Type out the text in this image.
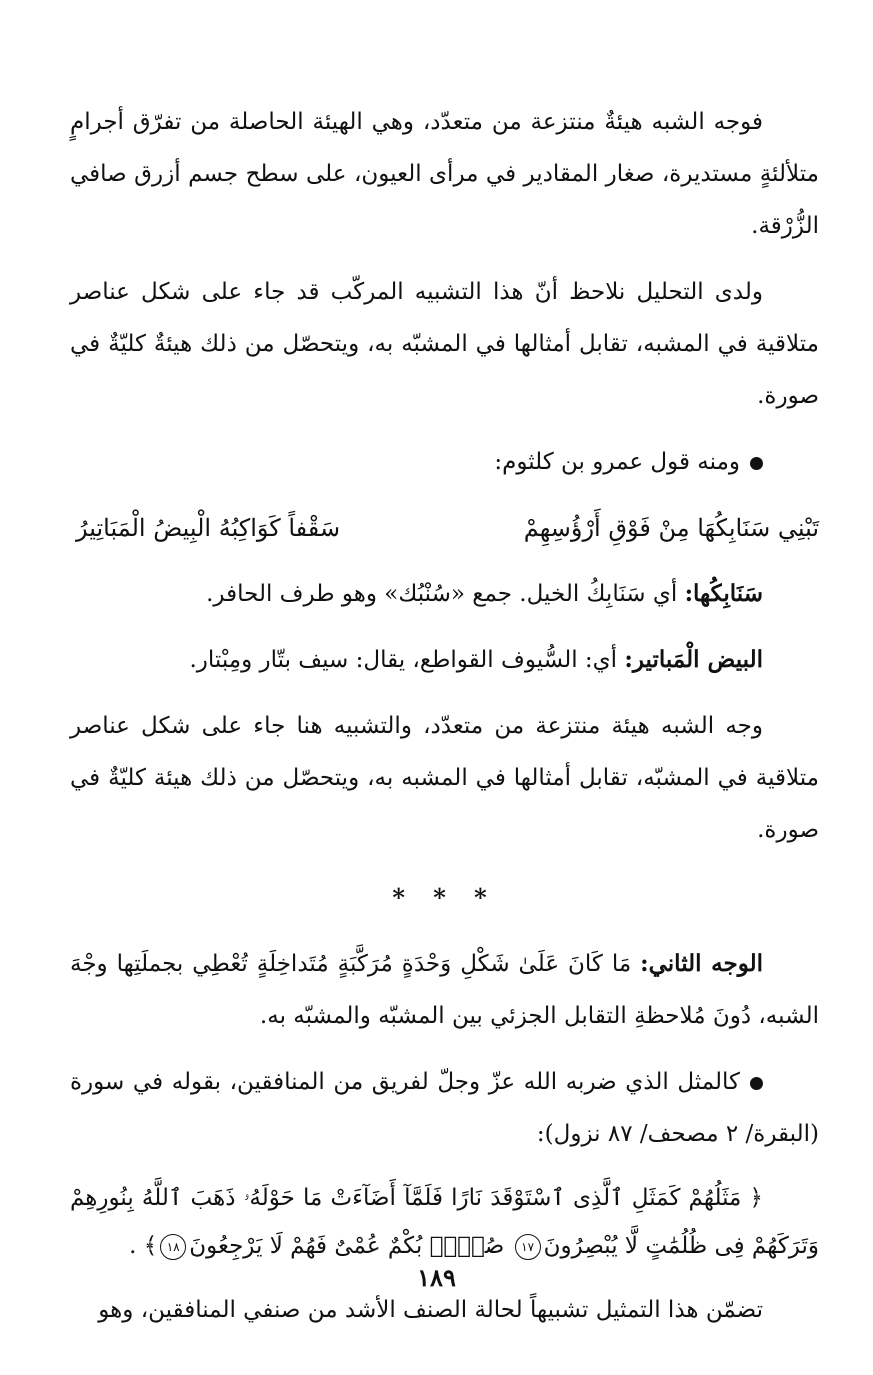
فوجه الشبه هيئةٌ منتزعة من متعدّد، وهي الهيئة الحاصلة من تفرّق أجرامٍ متلألئةٍ مستديرة، صغار المقادير في مرأى العيون، على سطح جسم أزرق صافي الزُّرْقة.

ولدى التحليل نلاحظ أنّ هذا التشبيه المركّب قد جاء على شكل عناصر متلاقية في المشبه، تقابل أمثالها في المشبّه به، ويتحصّل من ذلك هيئةٌ كليّةٌ في صورة.

ومنه قول عمرو بن كلثوم:

تَبْنِي سَنَابِكُهَا مِنْ فَوْقِ أَرْؤُسِهِمْ
سَقْفاً كَوَاكِبُهُ الْبِيضُ الْمَبَاتِيرُ

سَنَابِكُها: أي سَنَابِكُ الخيل. جمع «سُنْبُك» وهو طرف الحافر.

البيض الْمَباتير: أي: السُّيوف القواطع، يقال: سيف بتّار ومِبْتار.

وجه الشبه هيئة منتزعة من متعدّد، والتشبيه هنا جاء على شكل عناصر متلاقية في المشبّه، تقابل أمثالها في المشبه به، ويتحصّل من ذلك هيئة كليّةٌ في صورة.

* * *

الوجه الثاني: مَا كَانَ عَلَىٰ شَكْلِ وَحْدَةٍ مُرَكَّبَةٍ مُتَداخِلَةٍ تُعْطِي بجملَتِها وجْهَ الشبه، دُونَ مُلاحظةِ التقابل الجزئي بين المشبّه والمشبّه به.

كالمثل الذي ضربه الله عزّ وجلّ لفريق من المنافقين، بقوله في سورة (البقرة/ ٢ مصحف/ ٨٧ نزول):

﴿ مَثَلُهُمْ كَمَثَلِ ٱلَّذِى ٱسْتَوْقَدَ نَارًا فَلَمَّآ أَضَآءَتْ مَا حَوْلَهُۥ ذَهَبَ ٱللَّهُ بِنُورِهِمْ وَتَرَكَهُمْ فِى ظُلُمَٰتٍ لَّا يُبْصِرُونَ١٧ صُمٌّۢ بُكْمٌ عُمْىٌ فَهُمْ لَا يَرْجِعُونَ١٨﴾ .

تضمّن هذا التمثيل تشبيهاً لحالة الصنف الأشد من صنفي المنافقين، وهو

١٨٩
